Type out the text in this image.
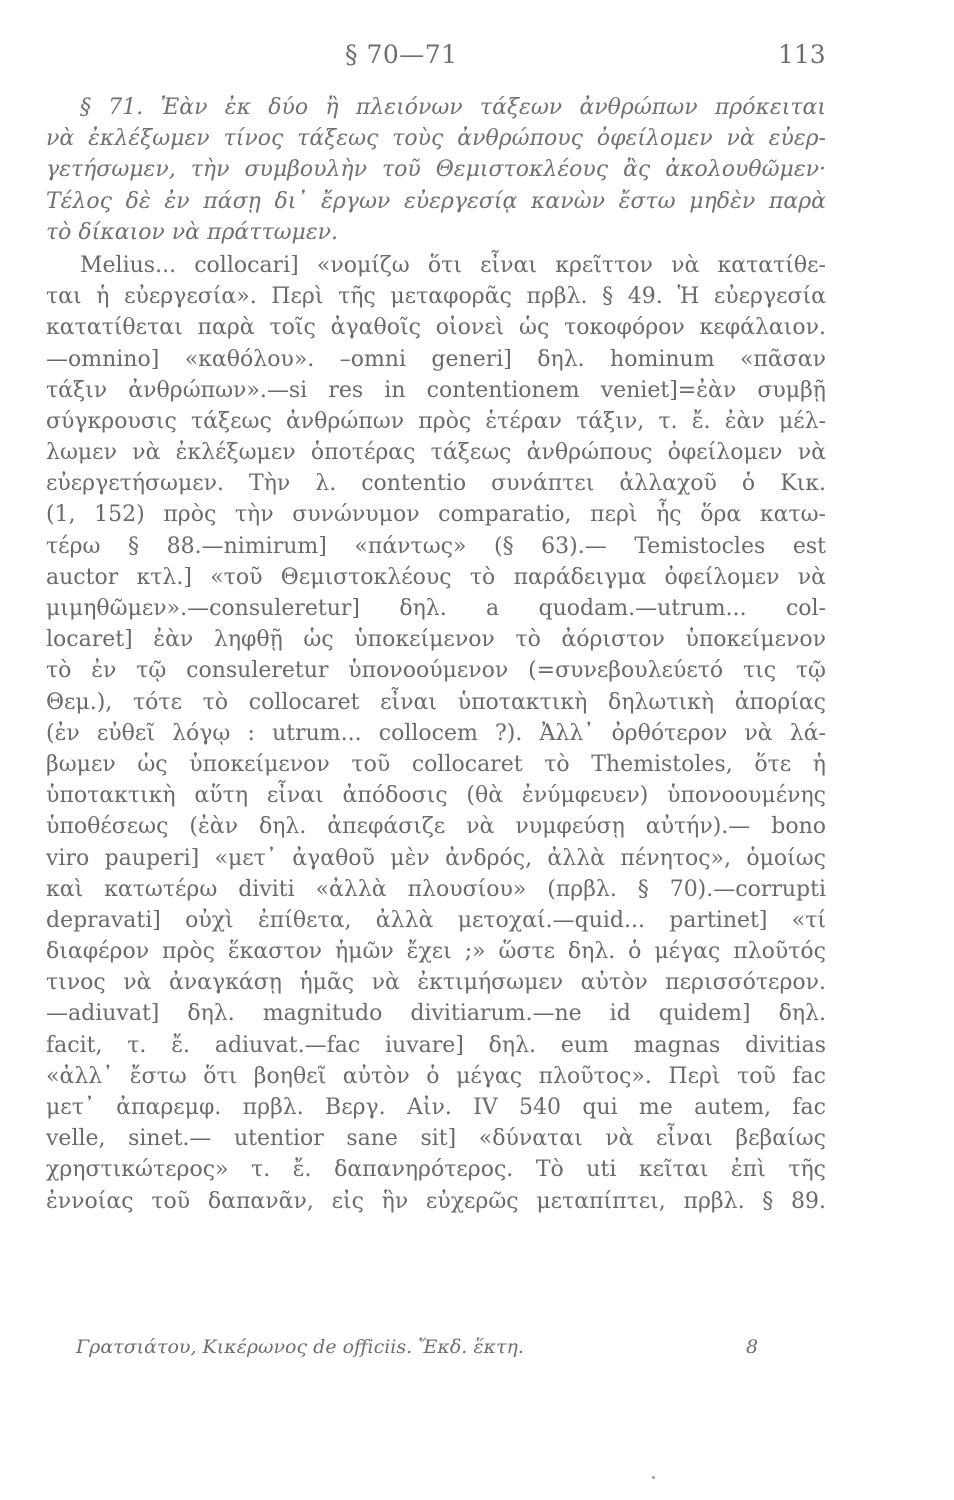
§ 70—71	113
§ 71. Ἐὰν ἐκ δύο ἢ πλειόνων τάξεων ἀνθρώπων πρόκειται
νὰ ἐκλέξωμεν τίνος τάξεως τοὺς ἀνθρώπους ὀφείλομεν νὰ εὐερ-
γετήσωμεν, τὴν συμβουλὴν τοῦ Θεμιστοκλέους ἂς ἀκολουθῶμεν·
Τέλος δὲ ἐν πάσῃ δι᾽ ἔργων εὐεργεσίᾳ κανὼν ἔστω μηδὲν παρὰ
τὸ δίκαιον νὰ πράττωμεν.
Melius... collocari] «νομίζω ὅτι εἶναι κρεῖττον νὰ κατατίθε-
ται ἡ εὐεργεσία». Περὶ τῆς μεταφορᾶς πρβλ. § 49. Ἡ εὐεργεσία
κατατίθεται παρὰ τοῖς ἀγαθοῖς οἱονεὶ ὡς τοκοφόρον κεφάλαιον.
—omnino] «καθόλου». –omni generi] δηλ. hominum «πᾶσαν
τάξιν ἀνθρώπων».—si res in contentionem veniet]=ἐὰν συμβῇ
σύγκρουσις τάξεως ἀνθρώπων πρὸς ἑτέραν τάξιν, τ. ἔ. ἐὰν μέλ-
λωμεν νὰ ἐκλέξωμεν ὁποτέρας τάξεως ἀνθρώπους ὀφείλομεν νὰ
εὐεργετήσωμεν. Τὴν λ. contentio συνάπτει ἀλλαχοῦ ὁ Κικ.
(1, 152) πρὸς τὴν συνώνυμον comparatio, περὶ ἧς ὅρα κατω-
τέρω § 88.—nimirum] «πάντως» (§ 63).— Temistocles est
auctor κτλ.] «τοῦ Θεμιστοκλέους τὸ παράδειγμα ὀφείλομεν νὰ
μιμηθῶμεν».—consuleretur] δηλ. a quodam.—utrum... col-
locaret] ἐὰν ληφθῇ ὡς ὑποκείμενον τὸ ἀόριστον ὑποκείμενον
τὸ ἐν τῷ consuleretur ὑπονοούμενον (=συνεβουλεύετό τις τῷ
Θεμ.), τότε τὸ collocaret εἶναι ὑποτακτικὴ δηλωτικὴ ἀπορίας
(ἐν εὐθεῖ λόγῳ : utrum... collocem ?). Ἀλλ᾽ ὀρθότερον νὰ λά-
βωμεν ὡς ὑποκείμενον τοῦ collocaret τὸ Themistoles, ὅτε ἡ
ὑποτακτικὴ αὕτη εἶναι ἀπόδοσις (θὰ ἐνύμφευεν) ὑπονοουμένης
ὑποθέσεως (ἐὰν δηλ. ἀπεφάσιζε νὰ νυμφεύσῃ αὐτήν).— bono
viro pauperi] «μετ᾽ ἀγαθοῦ μὲν ἀνδρός, ἀλλὰ πένητος», ὁμοίως
καὶ κατωτέρω diviti «ἀλλὰ πλουσίου» (πρβλ. § 70).—corrupti
depravati] οὐχὶ ἐπίθετα, ἀλλὰ μετοχαί.—quid... partinet] «τί
διαφέρον πρὸς ἕκαστον ἡμῶν ἔχει ;» ὥστε δηλ. ὁ μέγας πλοῦτός
τινος νὰ ἀναγκάσῃ ἡμᾶς νὰ ἐκτιμήσωμεν αὐτὸν περισσότερον.
—adiuvat] δηλ. magnitudo divitiarum.—ne id quidem] δηλ.
facit, τ. ἔ. adiuvat.—fac iuvare] δηλ. eum magnas divitias
«ἀλλ᾽ ἔστω ὅτι βοηθεῖ αὐτὸν ὁ μέγας πλοῦτος». Περὶ τοῦ fac
μετ᾽ ἀπαρεμφ. πρβλ. Βεργ. Αἰν. IV 540 qui me autem, fac
velle, sinet.— utentior sane sit] «δύναται νὰ εἶναι βεβαίως
χρηστικώτερος» τ. ἔ. δαπανηρότερος. Τὸ uti κεῖται ἐπὶ τῆς
ἐννοίας τοῦ δαπανᾶν, εἰς ἣν εὐχερῶς μεταπίπτει, πρβλ. § 89.
Γρατσιάτου, Κικέρωνος de officiis. Ἔκδ. ἕκτη.	8
